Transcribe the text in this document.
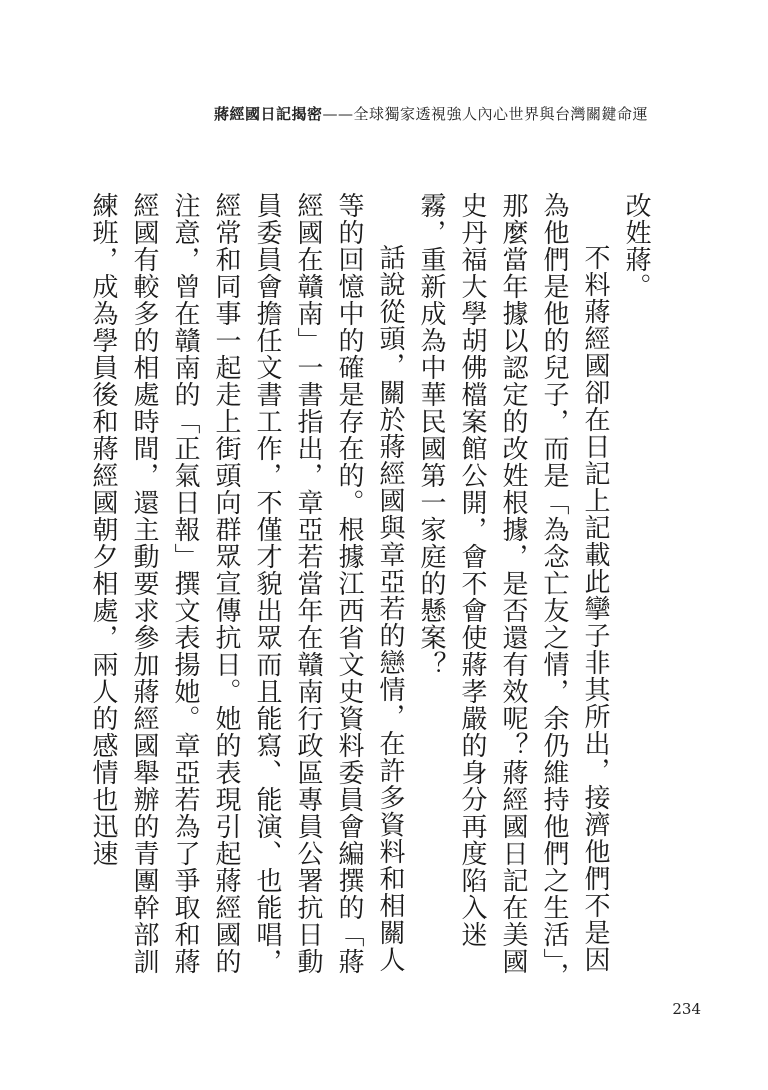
蔣經國日記揭密——全球獨家透視強人內心世界與台灣關鍵命運

改姓蔣。

不料蔣經國卻在日記上記載此攣子非其所出，接濟他們不是因為他們是他的兒子，而是「為念亡友之情，余仍維持他們之生活」，那麼當年據以認定的改姓根據，是否還有效呢？蔣經國日記在美國史丹福大學胡佛檔案館公開，會不會使蔣孝嚴的身分再度陷入迷霧，重新成為中華民國第一家庭的懸案？

話說從頭，關於蔣經國與章亞若的戀情，在許多資料和相關人等的回憶中的確是存在的。根據江西省文史資料委員會編撰的「蔣經國在贛南」一書指出，章亞若當年在贛南行政區專員公署抗日動員委員會擔任文書工作，不僅才貌出眾而且能寫、能演、也能唱，經常和同事一起走上街頭向群眾宣傳抗日。她的表現引起蔣經國的注意，曾在贛南的「正氣日報」撰文表揚她。章亞若為了爭取和蔣經國有較多的相處時間，還主動要求參加蔣經國舉辦的青團幹部訓練班，成為學員後和蔣經國朝夕相處，兩人的感情也迅速

234
